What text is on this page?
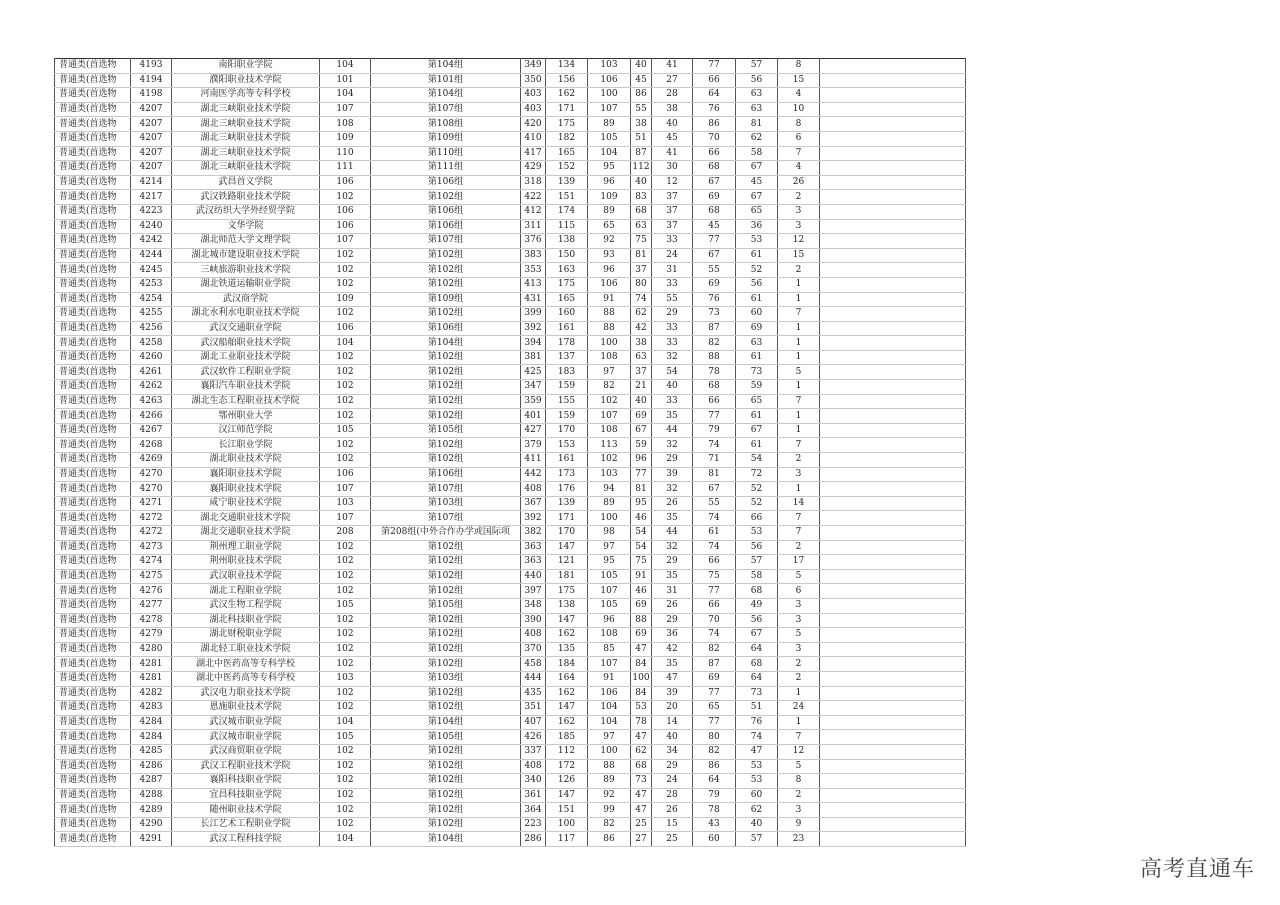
普通类(首选物	4193	南阳职业学院	104	第104组	349	134	103	40	41	77	57	8	
普通类(首选物	4194	濮阳职业技术学院	101	第101组	350	156	106	45	27	66	56	15	
普通类(首选物	4198	河南医学高等专科学校	104	第104组	403	162	100	86	28	64	63	4	
普通类(首选物	4207	湖北三峡职业技术学院	107	第107组	403	171	107	55	38	76	63	10	
普通类(首选物	4207	湖北三峡职业技术学院	108	第108组	420	175	89	38	40	86	81	8	
普通类(首选物	4207	湖北三峡职业技术学院	109	第109组	410	182	105	51	45	70	62	6	
普通类(首选物	4207	湖北三峡职业技术学院	110	第110组	417	165	104	87	41	66	58	7	
普通类(首选物	4207	湖北三峡职业技术学院	111	第111组	429	152	95	112	30	68	67	4	
普通类(首选物	4214	武昌首义学院	106	第106组	318	139	96	40	12	67	45	26	
普通类(首选物	4217	武汉铁路职业技术学院	102	第102组	422	151	109	83	37	69	67	2	
普通类(首选物	4223	武汉纺织大学外经贸学院	106	第106组	412	174	89	68	37	68	65	3	
普通类(首选物	4240	文华学院	106	第106组	311	115	65	63	37	45	36	3	
普通类(首选物	4242	湖北师范大学文理学院	107	第107组	376	138	92	75	33	77	53	12	
普通类(首选物	4244	湖北城市建设职业技术学院	102	第102组	383	150	93	81	24	67	61	15	
普通类(首选物	4245	三峡旅游职业技术学院	102	第102组	353	163	96	37	31	55	52	2	
普通类(首选物	4253	湖北铁道运输职业学院	102	第102组	413	175	106	80	33	69	56	1	
普通类(首选物	4254	武汉商学院	109	第109组	431	165	91	74	55	76	61	1	
普通类(首选物	4255	湖北水利水电职业技术学院	102	第102组	399	160	88	62	29	73	60	7	
普通类(首选物	4256	武汉交通职业学院	106	第106组	392	161	88	42	33	87	69	1	
普通类(首选物	4258	武汉船舶职业技术学院	104	第104组	394	178	100	38	33	82	63	1	
普通类(首选物	4260	湖北工业职业技术学院	102	第102组	381	137	108	63	32	88	61	1	
普通类(首选物	4261	武汉软件工程职业学院	102	第102组	425	183	97	37	54	78	73	5	
普通类(首选物	4262	襄阳汽车职业技术学院	102	第102组	347	159	82	21	40	68	59	1	
普通类(首选物	4263	湖北生态工程职业技术学院	102	第102组	359	155	102	40	33	66	65	7	
普通类(首选物	4266	鄂州职业大学	102	第102组	401	159	107	69	35	77	61	1	
普通类(首选物	4267	汉江师范学院	105	第105组	427	170	108	67	44	79	67	1	
普通类(首选物	4268	长江职业学院	102	第102组	379	153	113	59	32	74	61	7	
普通类(首选物	4269	湖北职业技术学院	102	第102组	411	161	102	96	29	71	54	2	
普通类(首选物	4270	襄阳职业技术学院	106	第106组	442	173	103	77	39	81	72	3	
普通类(首选物	4270	襄阳职业技术学院	107	第107组	408	176	94	81	32	67	52	1	
普通类(首选物	4271	咸宁职业技术学院	103	第103组	367	139	89	95	26	55	52	14	
普通类(首选物	4272	湖北交通职业技术学院	107	第107组	392	171	100	46	35	74	66	7	
普通类(首选物	4272	湖北交通职业技术学院	208	第208组(中外合作办学或国际项	382	170	98	54	44	61	53	7	
普通类(首选物	4273	荆州理工职业学院	102	第102组	363	147	97	54	32	74	56	2	
普通类(首选物	4274	荆州职业技术学院	102	第102组	363	121	95	75	29	66	57	17	
普通类(首选物	4275	武汉职业技术学院	102	第102组	440	181	105	91	35	75	58	5	
普通类(首选物	4276	湖北工程职业学院	102	第102组	397	175	107	46	31	77	68	6	
普通类(首选物	4277	武汉生物工程学院	105	第105组	348	138	105	69	26	66	49	3	
普通类(首选物	4278	湖北科技职业学院	102	第102组	390	147	96	88	29	70	56	3	
普通类(首选物	4279	湖北财税职业学院	102	第102组	408	162	108	69	36	74	67	5	
普通类(首选物	4280	湖北轻工职业技术学院	102	第102组	370	135	85	47	42	82	64	3	
普通类(首选物	4281	湖北中医药高等专科学校	102	第102组	458	184	107	84	35	87	68	2	
普通类(首选物	4281	湖北中医药高等专科学校	103	第103组	444	164	91	100	47	69	64	2	
普通类(首选物	4282	武汉电力职业技术学院	102	第102组	435	162	106	84	39	77	73	1	
普通类(首选物	4283	恩施职业技术学院	102	第102组	351	147	104	53	20	65	51	24	
普通类(首选物	4284	武汉城市职业学院	104	第104组	407	162	104	78	14	77	76	1	
普通类(首选物	4284	武汉城市职业学院	105	第105组	426	185	97	47	40	80	74	7	
普通类(首选物	4285	武汉商贸职业学院	102	第102组	337	112	100	62	34	82	47	12	
普通类(首选物	4286	武汉工程职业技术学院	102	第102组	408	172	88	68	29	86	53	5	
普通类(首选物	4287	襄阳科技职业学院	102	第102组	340	126	89	73	24	64	53	8	
普通类(首选物	4288	宜昌科技职业学院	102	第102组	361	147	92	47	28	79	60	2	
普通类(首选物	4289	随州职业技术学院	102	第102组	364	151	99	47	26	78	62	3	
普通类(首选物	4290	长江艺术工程职业学院	102	第102组	223	100	82	25	15	43	40	9	
普通类(首选物	4291	武汉工程科技学院	104	第104组	286	117	86	27	25	60	57	23	
高考直通车
